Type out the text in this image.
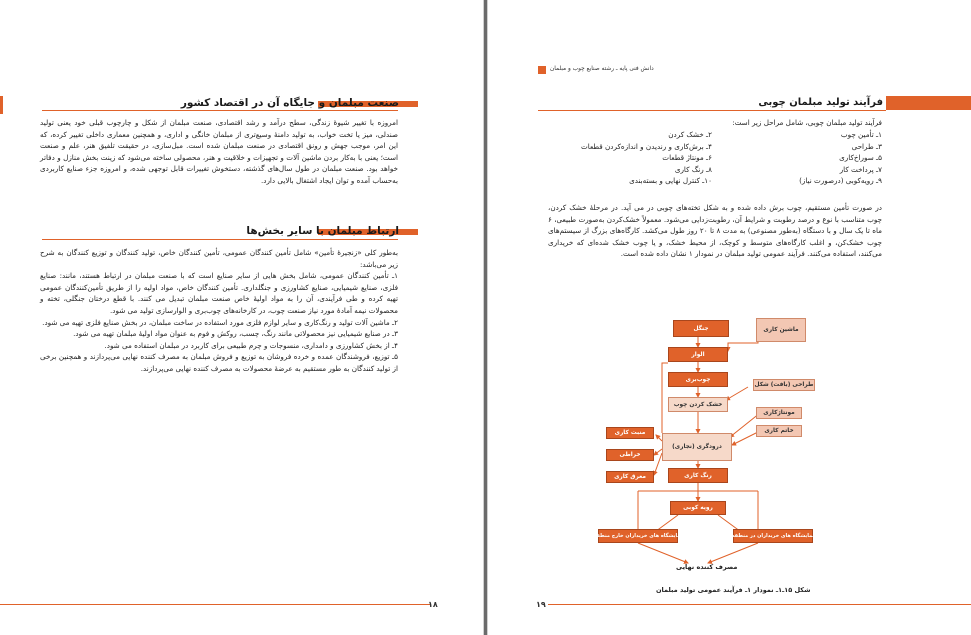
صنعت مبلمان و جایگاه آن در اقتصاد کشور
امروزه با تغییر شیوهٔ زندگی، سطح درآمد و رشد اقتصادی، صنعت مبلمان از شکل و چارچوب قبلی خود یعنی تولید صندلی، میز یا تخت خواب، به تولید دامنهٔ وسیع‌تری از مبلمان خانگی و اداری، و همچنین معماری داخلی تغییر کرده، که این امر، موجب جهش و رونق اقتصادی در صنعت مبلمان شده است. مبل‌سازی، در حقیقت تلفیق هنر، علم و صنعت است؛ یعنی با به‌کار بردن ماشین آلات و تجهیزات و خلاقیت و هنر، محصولی ساخته می‌شود که زینت بخش منازل و دفاتر خواهد بود. صنعت مبلمان در طول سال‌های گذشته، دستخوش تغییرات قابل توجهی شده، و امروزه جزء صنایع کاربردی به‌حساب آمده و توان ایجاد اشتغال بالایی دارد.
ارتباط مبلمان با سایر بخش‌ها

به‌طور کلی «زنجیرهٔ تأمین» شامل تأمین کنندگان عمومی، تأمین کنندگان خاص، تولید کنندگان و توزیع کنندگان به شرح زیر می‌باشد:

۱ـ تأمین کنندگان عمومی، شامل بخش هایی از سایر صنایع است که با صنعت مبلمان در ارتباط هستند، مانند: صنایع فلزی، صنایع شیمیایی، صنایع کشاورزی و جنگلداری. تأمین کنندگان خاص، مواد اولیه را از طریق تأمین‌کنندگان عمومی تهیه کرده و طی فرآیندی، آن را به مواد اولیهٔ خاص صنعت مبلمان تبدیل می کنند. با قطع درختان جنگلی، تخته و محصولات نیمه آمادهٔ مورد نیاز صنعت چوب، در کارخانه‌های چوب‌بری و الوارسازی تولید می شود.

۲ـ ماشین آلات تولید و رنگ‌کاری و سایر لوازم فلزی مورد استفاده در ساخت مبلمان، در بخش صنایع فلزی تهیه می شود.

۳ـ در صنایع شیمیایی نیز محصولاتی مانند رنگ، چسب، روکش و فوم به عنوان مواد اولیهٔ مبلمان تهیه می شود.

۴ـ از بخش کشاورزی و دامداری، منسوجات و چرم طبیعی برای کاربرد در مبلمان استفاده می شود.

۵ـ توزیع، فروشندگان عمده و خرده فروشان به توزیع و فروش مبلمان به مصرف کننده نهایی می‌پردازند و همچنین برخی از تولید کنندگان به طور مستقیم به عرضهٔ محصولات به مصرف کننده نهایی می‌پردازند.

۱۸
دانش فنی پایه ـ رشته صنایع چوب و مبلمان
فرآیند تولید مبلمان چوبی
فرآیند تولید مبلمان چوبی، شامل مراحل زیر است:
۱ـ تأمین چوب
۲ـ خشک کردن
۳ـ طراحی
۴ـ برش‌کاری و رندیدن و اندازه‌کردن قطعات
۵ـ سوراخ‌کاری
۶ـ مونتاژ قطعات
۷ـ پرداخت کار
۸ـ رنگ کاری
۹ـ رویه‌کوبی (درصورت نیاز)
۱۰ـ کنترل نهایی و بسته‌بندی
در صورت تأمین مستقیم، چوب برش داده شده و به شکل تخته‌های چوبی در می آید. در مرحلهٔ خشک کردن، چوب متناسب با نوع و درصد رطوبت و شرایط آن، رطوبت‌زدایی می‌شود. معمولاً خشک‌کردن به‌صورت طبیعی، ۶ ماه تا یک سال و با دستگاه (به‌طور مصنوعی) به مدت ۸ تا ۲۰ روز طول می‌کشد. کارگاه‌های بزرگ از سیستم‌های چوب خشک‌کن، و اغلب کارگاه‌های متوسط و کوچک، از محیط خشک، و یا چوب خشک شده‌ای که خریداری می‌کنند، استفاده می‌کنند. فرآیند عمومی تولید مبلمان در نمودار ۱ نشان داده شده است.
جنگل	ماشین کاری
الوار
چوب‌بری
طراحی (بافت) شکل
خشک کردن چوب
مونتاژکاری
خاتم کاری
درودگری (نجاری)
منبت کاری
خراطی
معرق کاری	رنگ کاری
رویه کوبی
نمایشگاه های خریداران خارج منطقه	نمایشگاه های خریداران در منطقه
مصرف کننده نهایی
شکل ۱۵ـ۱ـ نمودار ۱ـ فرآیند عمومی تولید مبلمان
۱۹
